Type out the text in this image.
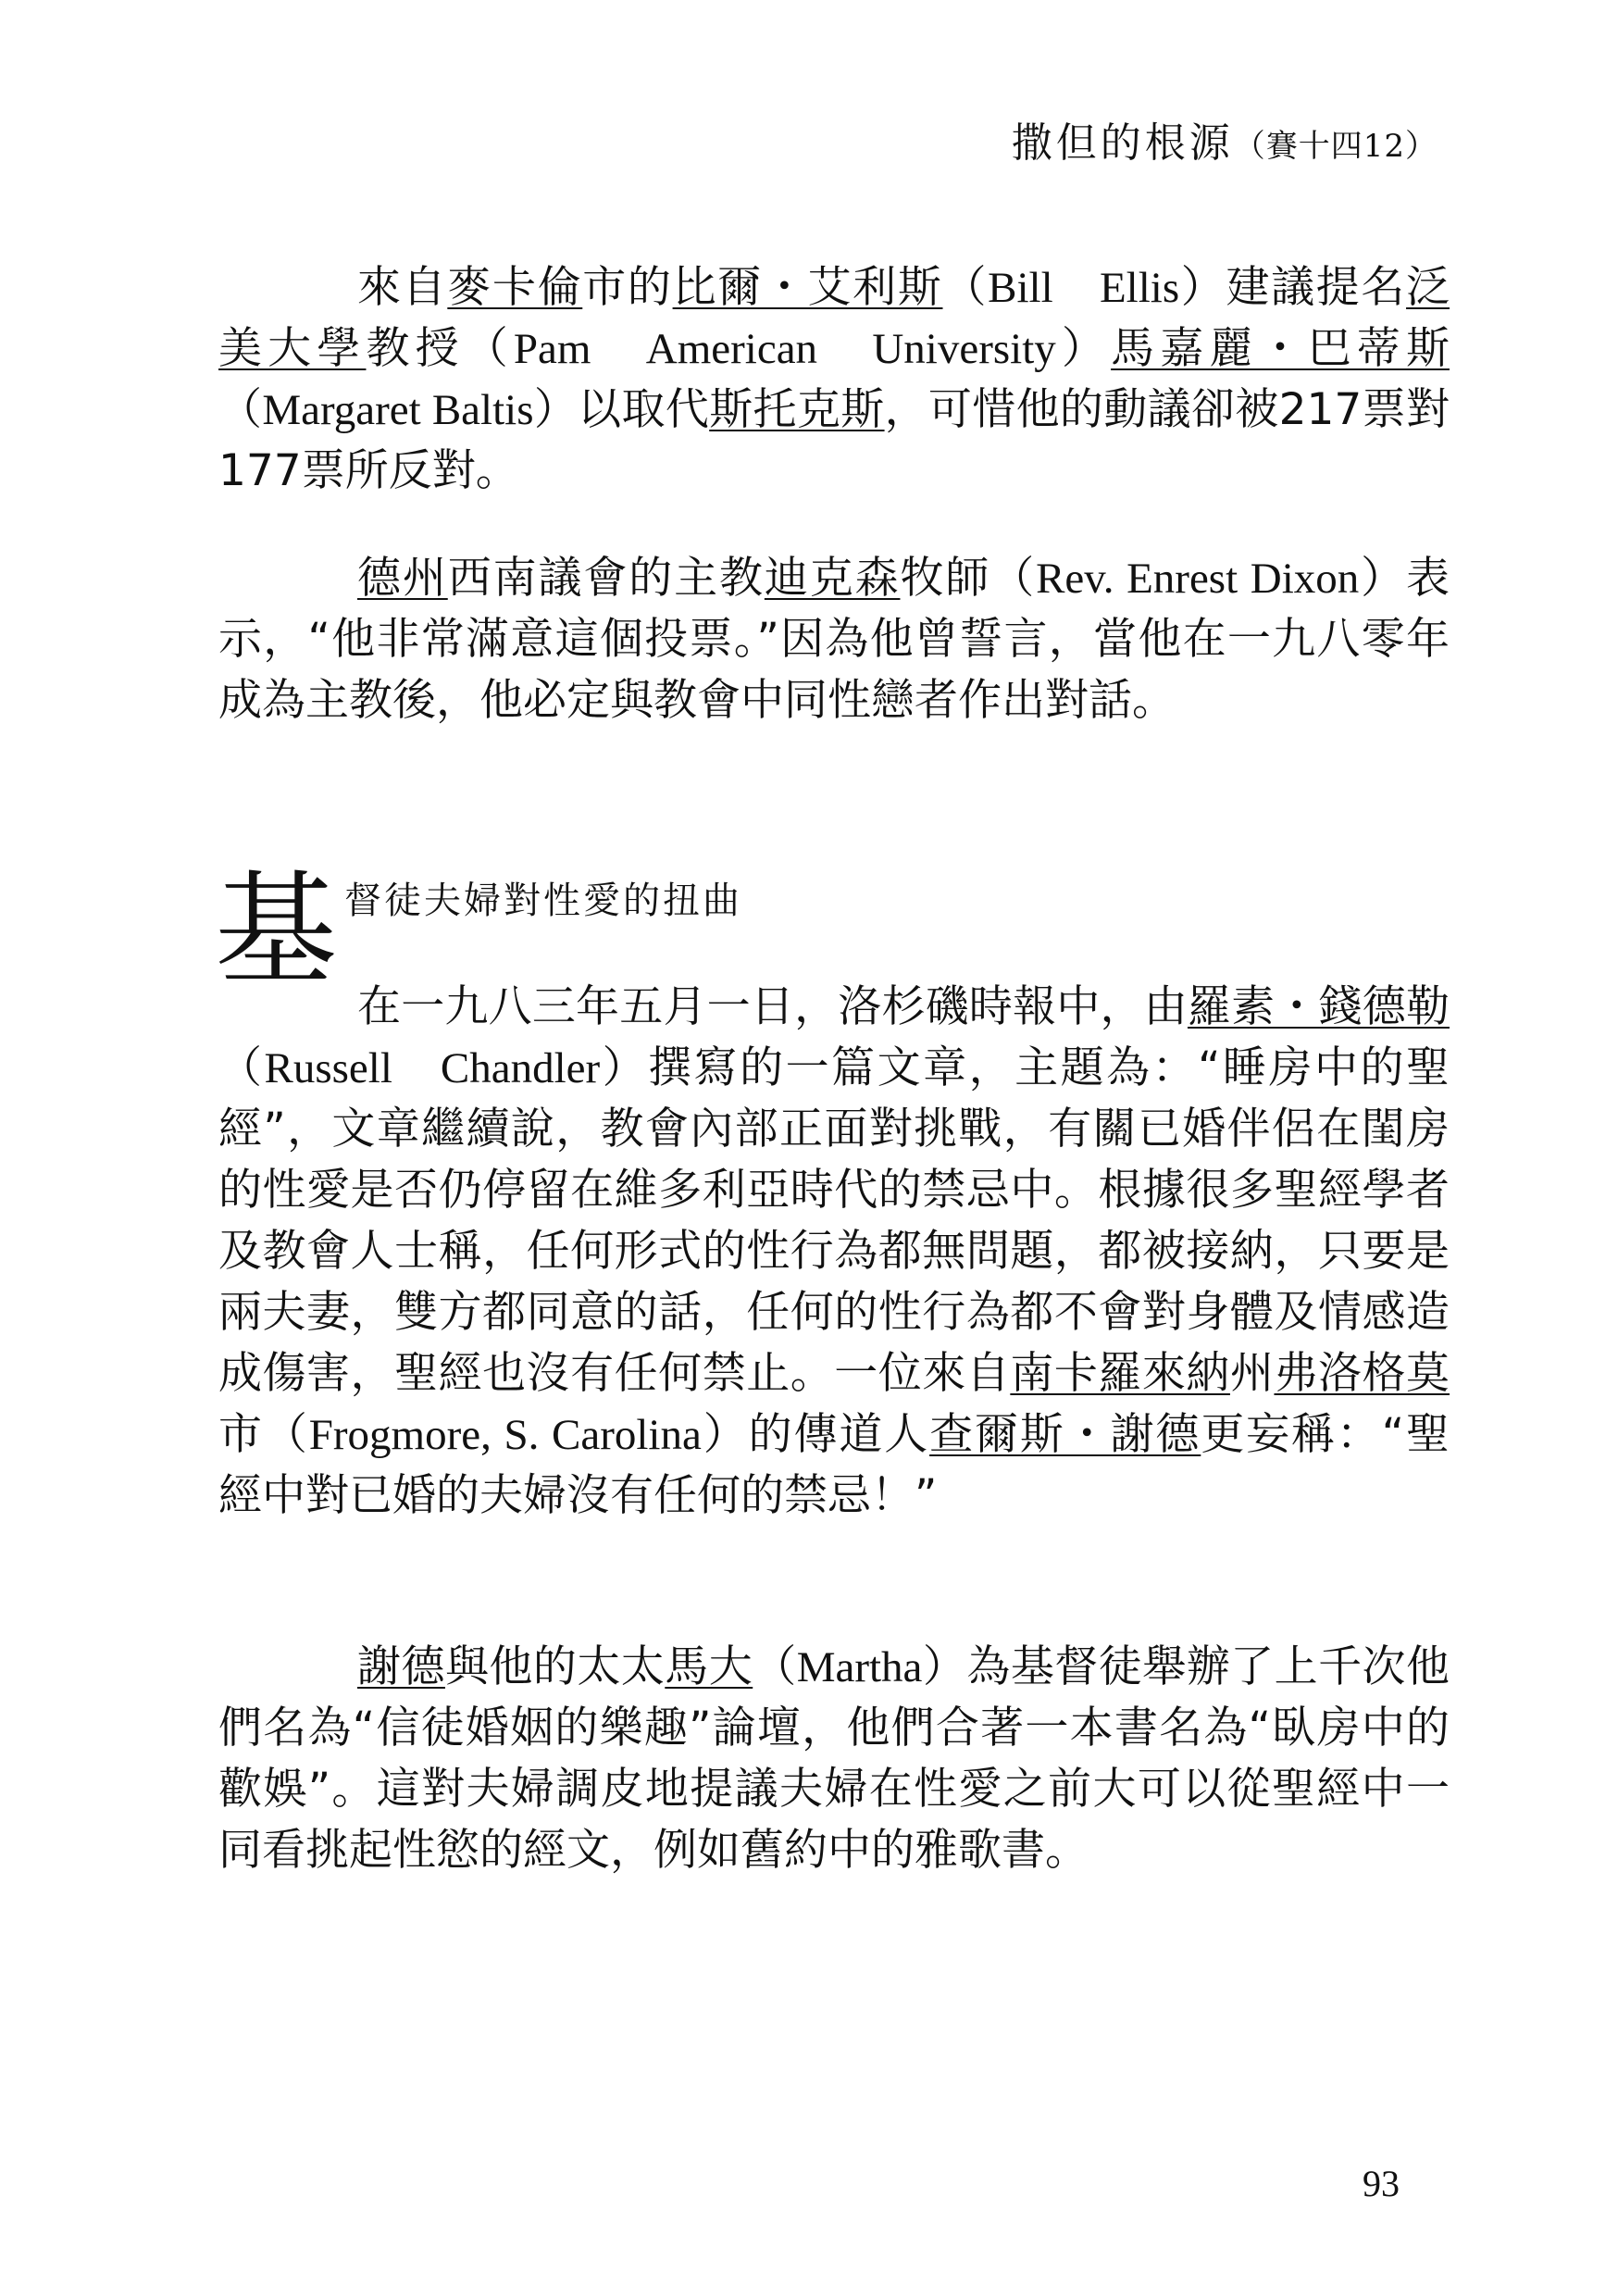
撒但的根源（賽十四12）

來自麥卡倫市的比爾・艾利斯（Bill　Ellis）建議提名泛美大學教授（Pam　American　University）馬嘉麗・巴蒂斯（Margaret Baltis）以取代斯托克斯，可惜他的動議卻被217票對177票所反對。

德州西南議會的主教迪克森牧師（Rev. Enrest Dixon）表示，“他非常滿意這個投票。”因為他曾誓言，當他在一九八零年成為主教後，他必定與教會中同性戀者作出對話。

基 督徒夫婦對性愛的扭曲

在一九八三年五月一日，洛杉磯時報中，由羅素・錢德勒（Russell　Chandler）撰寫的一篇文章，主題為：“睡房中的聖經”，文章繼續說，教會內部正面對挑戰，有關已婚伴侶在閨房的性愛是否仍停留在維多利亞時代的禁忌中。根據很多聖經學者及教會人士稱，任何形式的性行為都無問題，都被接納，只要是兩夫妻，雙方都同意的話，任何的性行為都不會對身體及情感造成傷害，聖經也沒有任何禁止。一位來自南卡羅來納州弗洛格莫市（Frogmore, S. Carolina）的傳道人查爾斯・謝德更妄稱：“聖經中對已婚的夫婦沒有任何的禁忌！”

謝德與他的太太馬大（Martha）為基督徒舉辦了上千次他們名為“信徒婚姻的樂趣”論壇，他們合著一本書名為“臥房中的歡娛”。這對夫婦調皮地提議夫婦在性愛之前大可以從聖經中一同看挑起性慾的經文，例如舊約中的雅歌書。

93
